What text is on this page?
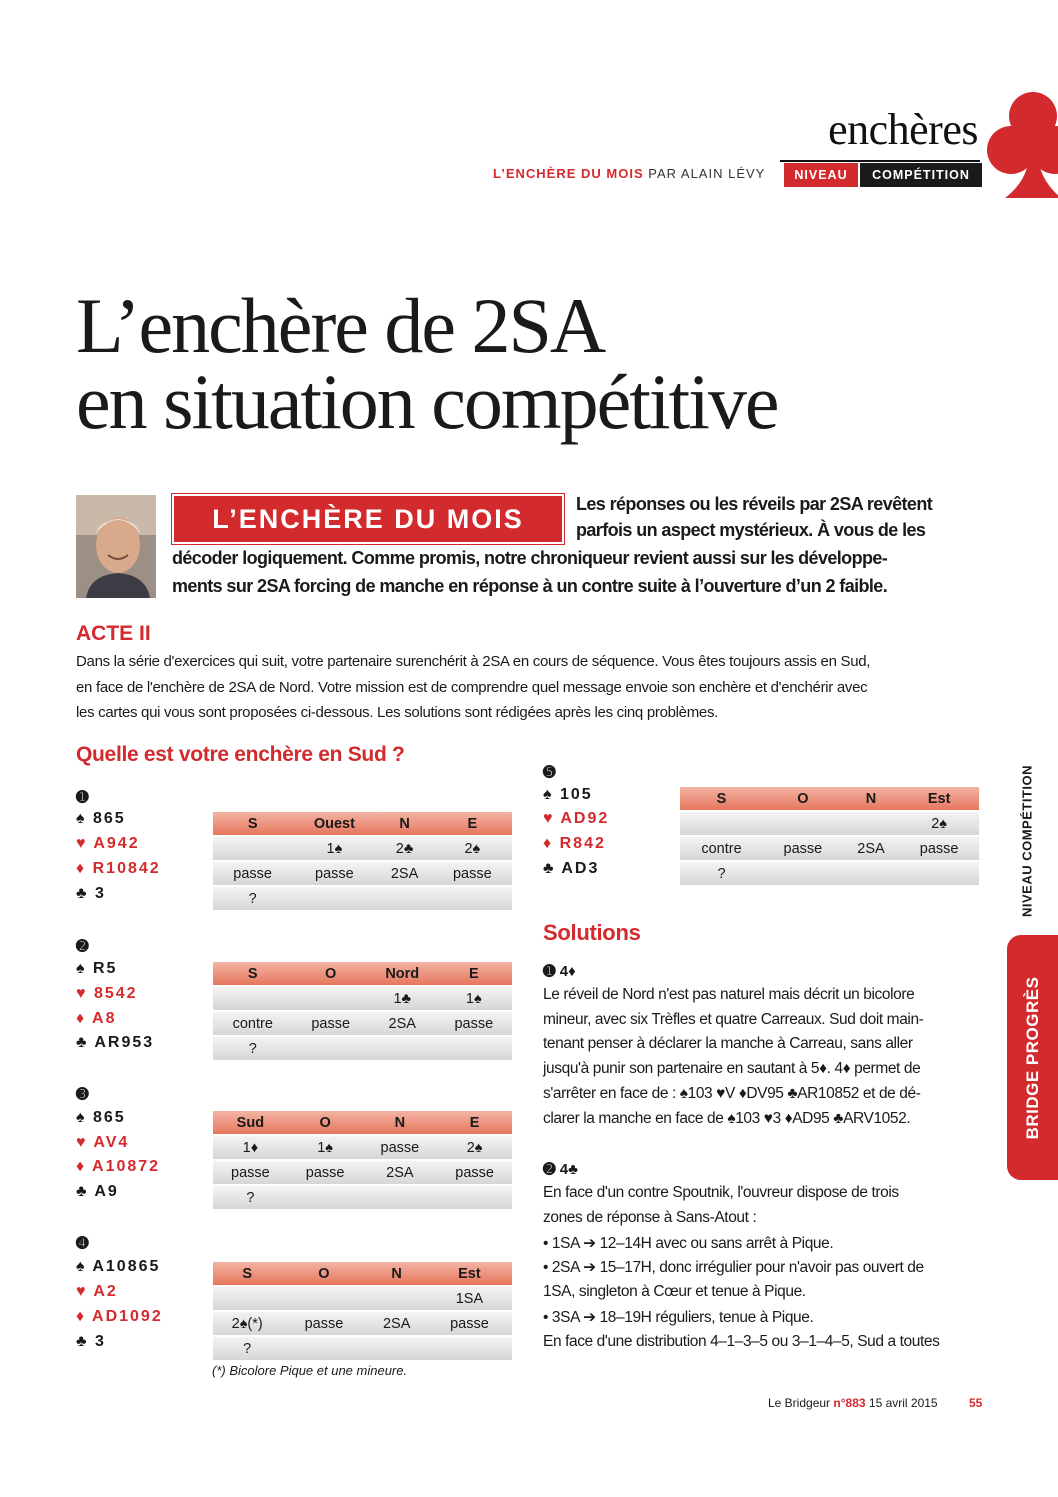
enchères
L’ENCHÈRE DU MOIS PAR ALAIN LÉVY	NIVEAU	COMPÉTITION
L’enchère de 2SA
en situation compétitive
L’ENCHÈRE DU MOIS	Les réponses ou les réveils par 2SA revêtent
parfois un aspect mystérieux. À vous de les
décoder logiquement. Comme promis, notre chroniqueur revient aussi sur les développe-
ments sur 2SA forcing de manche en réponse à un contre suite à l’ouverture d’un 2 faible.
ACTE II
Dans la série d'exercices qui suit, votre partenaire surenchérit à 2SA en cours de séquence. Vous êtes toujours assis en Sud,
en face de l'enchère de 2SA de Nord. Votre mission est de comprendre quel message envoie son enchère et d'enchérir avec
les cartes qui vous sont proposées ci-dessous. Les solutions sont rédigées après les cinq problèmes.
Quelle est votre enchère en Sud ?
➊
♠ 865
♥ A942
♦ R10842
♣ 3
S	Ouest	N	E
	1♠	2♣	2♠
passe	passe	2SA	passe
?			
➋
♠ R5
♥ 8542
♦ A8
♣ AR953
S	O	Nord	E
		1♣	1♠
contre	passe	2SA	passe
?			
➌
♠ 865
♥ AV4
♦ A10872
♣ A9
Sud	O	N	E
1♦	1♠	passe	2♠
passe	passe	2SA	passe
?			
➍
♠ A10865
♥ A2
♦ AD1092
♣ 3
S	O	N	Est
			1SA
2♠(*)	passe	2SA	passe
?			
(*) Bicolore Pique et une mineure.
➎
♠ 105
♥ AD92
♦ R842
♣ AD3
S	O	N	Est
			2♠
contre	passe	2SA	passe
?			
Solutions
➊ 4♦
Le réveil de Nord n'est pas naturel mais décrit un bicolore
mineur, avec six Trèfles et quatre Carreaux. Sud doit main-
tenant penser à déclarer la manche à Carreau, sans aller
jusqu'à punir son partenaire en sautant à 5♦. 4♦ permet de
s'arrêter en face de : ♠103 ♥V ♦DV95 ♣AR10852 et de dé-
clarer la manche en face de ♠103 ♥3 ♦AD95 ♣ARV1052.
➋ 4♣
En face d'un contre Spoutnik, l'ouvreur dispose de trois
zones de réponse à Sans-Atout :
• 1SA ➔ 12–14H avec ou sans arrêt à Pique.
• 2SA ➔ 15–17H, donc irrégulier pour n'avoir pas ouvert de
1SA, singleton à Cœur et tenue à Pique.
• 3SA ➔ 18–19H réguliers, tenue à Pique.
En face d'une distribution 4–1–3–5 ou 3–1–4–5, Sud a toutes
NIVEAU COMPÉTITION
BRIDGE PROGRÈS
Le Bridgeur n°883 15 avril 2015	55
